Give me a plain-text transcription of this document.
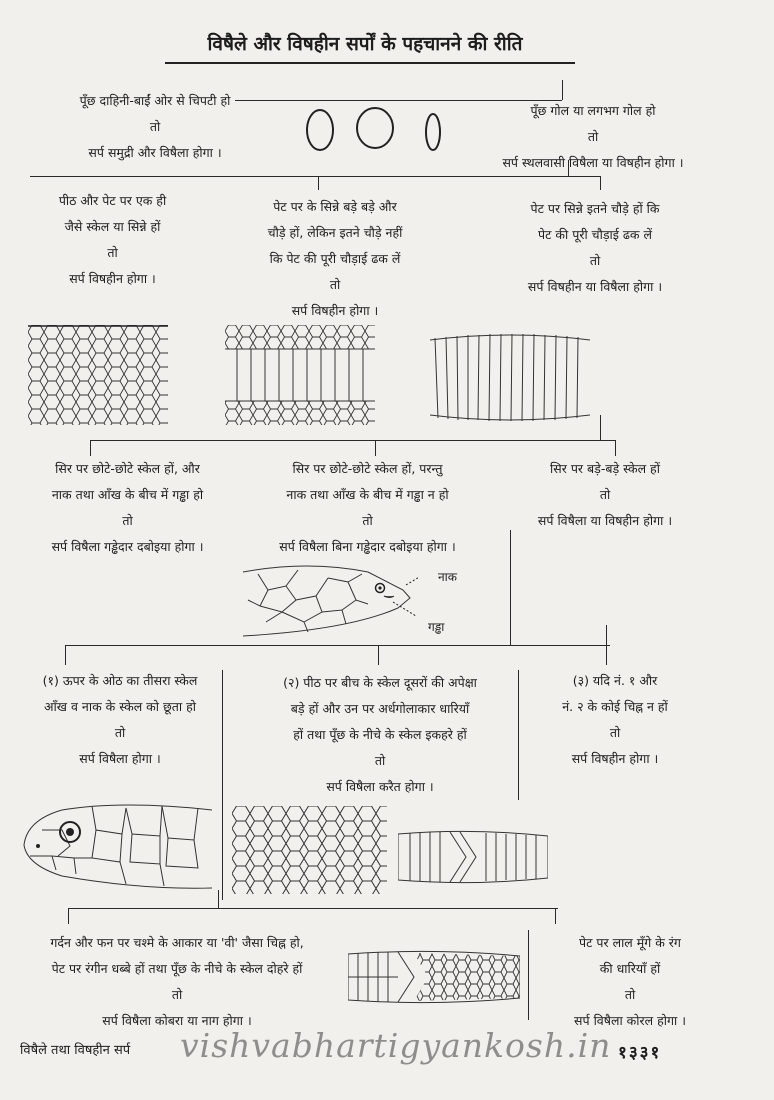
विषैले और विषहीन सर्पों के पहचानने की रीति
पूँछ दाहिनी-बाईं ओर से चिपटी हो
तो
सर्प समुद्री और विषैला होगा ।
पूँछ गोल या लगभग गोल हो
तो
सर्प स्थलवासी विषैला या विषहीन होगा ।
पीठ और पेट पर एक ही
जैसे स्केल या सिन्ने हों
तो
सर्प विषहीन होगा ।
पेट पर के सिन्ने बड़े बड़े और
चौड़े हों, लेकिन इतने चौड़े नहीं
कि पेट की पूरी चौड़ाई ढक लें
तो
सर्प विषहीन होगा ।
पेट पर सिन्ने इतने चौड़े हों कि
पेट की पूरी चौड़ाई ढक लें
तो
सर्प विषहीन या विषैला होगा ।
सिर पर छोटे-छोटे स्केल हों, और
नाक तथा आँख के बीच में गड्ढा हो
तो
सर्प विषैला गड्ढेदार दबोइया होगा ।
सिर पर छोटे-छोटे स्केल हों, परन्तु
नाक तथा आँख के बीच में गड्ढा न हो
तो
सर्प विषैला बिना गड्ढेदार दबोइया होगा ।
सिर पर बड़े-बड़े स्केल हों
तो
सर्प विषैला या विषहीन होगा ।
नाक
गड्ढा
(१) ऊपर के ओठ का तीसरा स्केल
आँख व नाक के स्केल को छूता हो
तो
सर्प विषैला होगा ।
(२) पीठ पर बीच के स्केल दूसरों की अपेक्षा
बड़े हों और उन पर अर्धगोलाकार धारियाँ
हों तथा पूँछ के नीचे के स्केल इकहरे हों
तो
सर्प विषैला करैत होगा ।
(३) यदि नं. १ और
नं. २ के कोई चिह्न न हों
तो
सर्प विषहीन होगा ।
गर्दन और फन पर चश्मे के आकार या 'वी' जैसा चिह्न हो,
पेट पर रंगीन धब्बे हों तथा पूँछ के नीचे के स्केल दोहरे हों
तो
सर्प विषैला कोबरा या नाग होगा ।
पेट पर लाल मूँगे के रंग
की धारियाँ हों
तो
सर्प विषैला कोरल होगा ।
विषैले तथा विषहीन सर्प vishvabhartigyankosh.in १३३१
